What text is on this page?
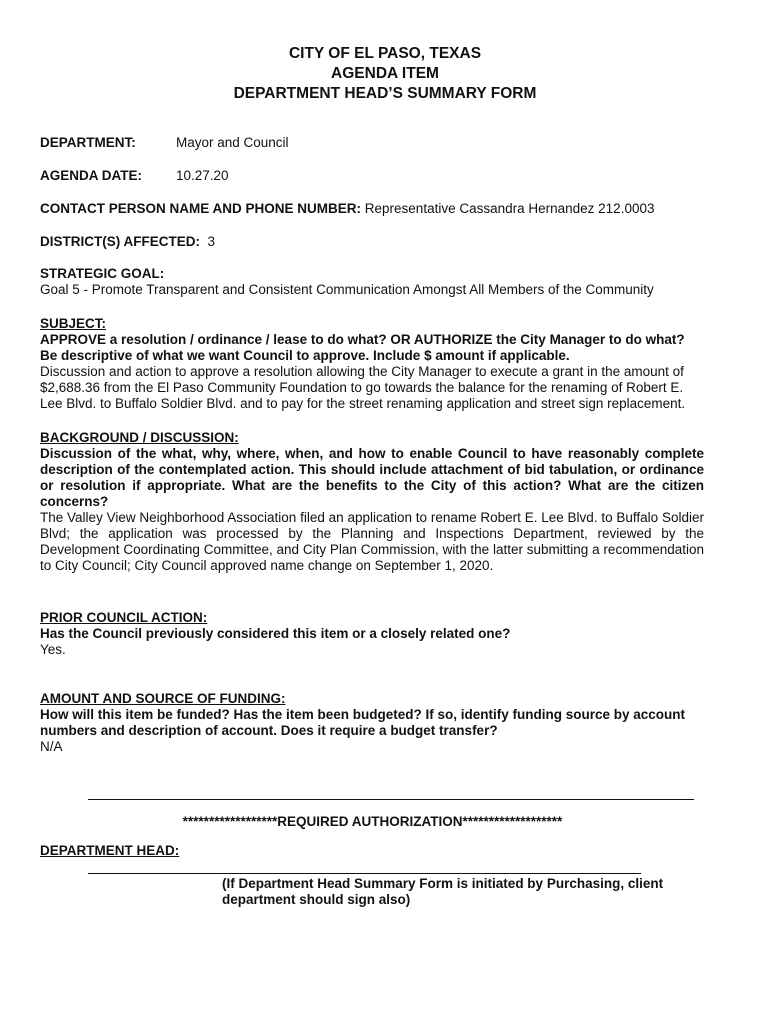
CITY OF EL PASO, TEXAS
AGENDA ITEM
DEPARTMENT HEAD’S SUMMARY FORM
DEPARTMENT:	Mayor and Council
AGENDA DATE:	10.27.20
CONTACT PERSON NAME AND PHONE NUMBER: Representative Cassandra Hernandez 212.0003
DISTRICT(S) AFFECTED: 3
STRATEGIC GOAL:
Goal 5 - Promote Transparent and Consistent Communication Amongst All Members of the Community
SUBJECT:
APPROVE a resolution / ordinance / lease to do what? OR AUTHORIZE the City Manager to do what? Be descriptive of what we want Council to approve. Include $ amount if applicable.
Discussion and action to approve a resolution allowing the City Manager to execute a grant in the amount of $2,688.36 from the El Paso Community Foundation to go towards the balance for the renaming of Robert E. Lee Blvd. to Buffalo Soldier Blvd. and to pay for the street renaming application and street sign replacement.
BACKGROUND / DISCUSSION:
Discussion of the what, why, where, when, and how to enable Council to have reasonably complete description of the contemplated action. This should include attachment of bid tabulation, or ordinance or resolution if appropriate. What are the benefits to the City of this action? What are the citizen concerns?
The Valley View Neighborhood Association filed an application to rename Robert E. Lee Blvd. to Buffalo Soldier Blvd; the application was processed by the Planning and Inspections Department, reviewed by the Development Coordinating Committee, and City Plan Commission, with the latter submitting a recommendation to City Council; City Council approved name change on September 1, 2020.
PRIOR COUNCIL ACTION:
Has the Council previously considered this item or a closely related one?
Yes.
AMOUNT AND SOURCE OF FUNDING:
How will this item be funded? Has the item been budgeted? If so, identify funding source by account numbers and description of account. Does it require a budget transfer?
N/A
******************REQUIRED AUTHORIZATION*******************
DEPARTMENT HEAD:
(If Department Head Summary Form is initiated by Purchasing, client department should sign also)
